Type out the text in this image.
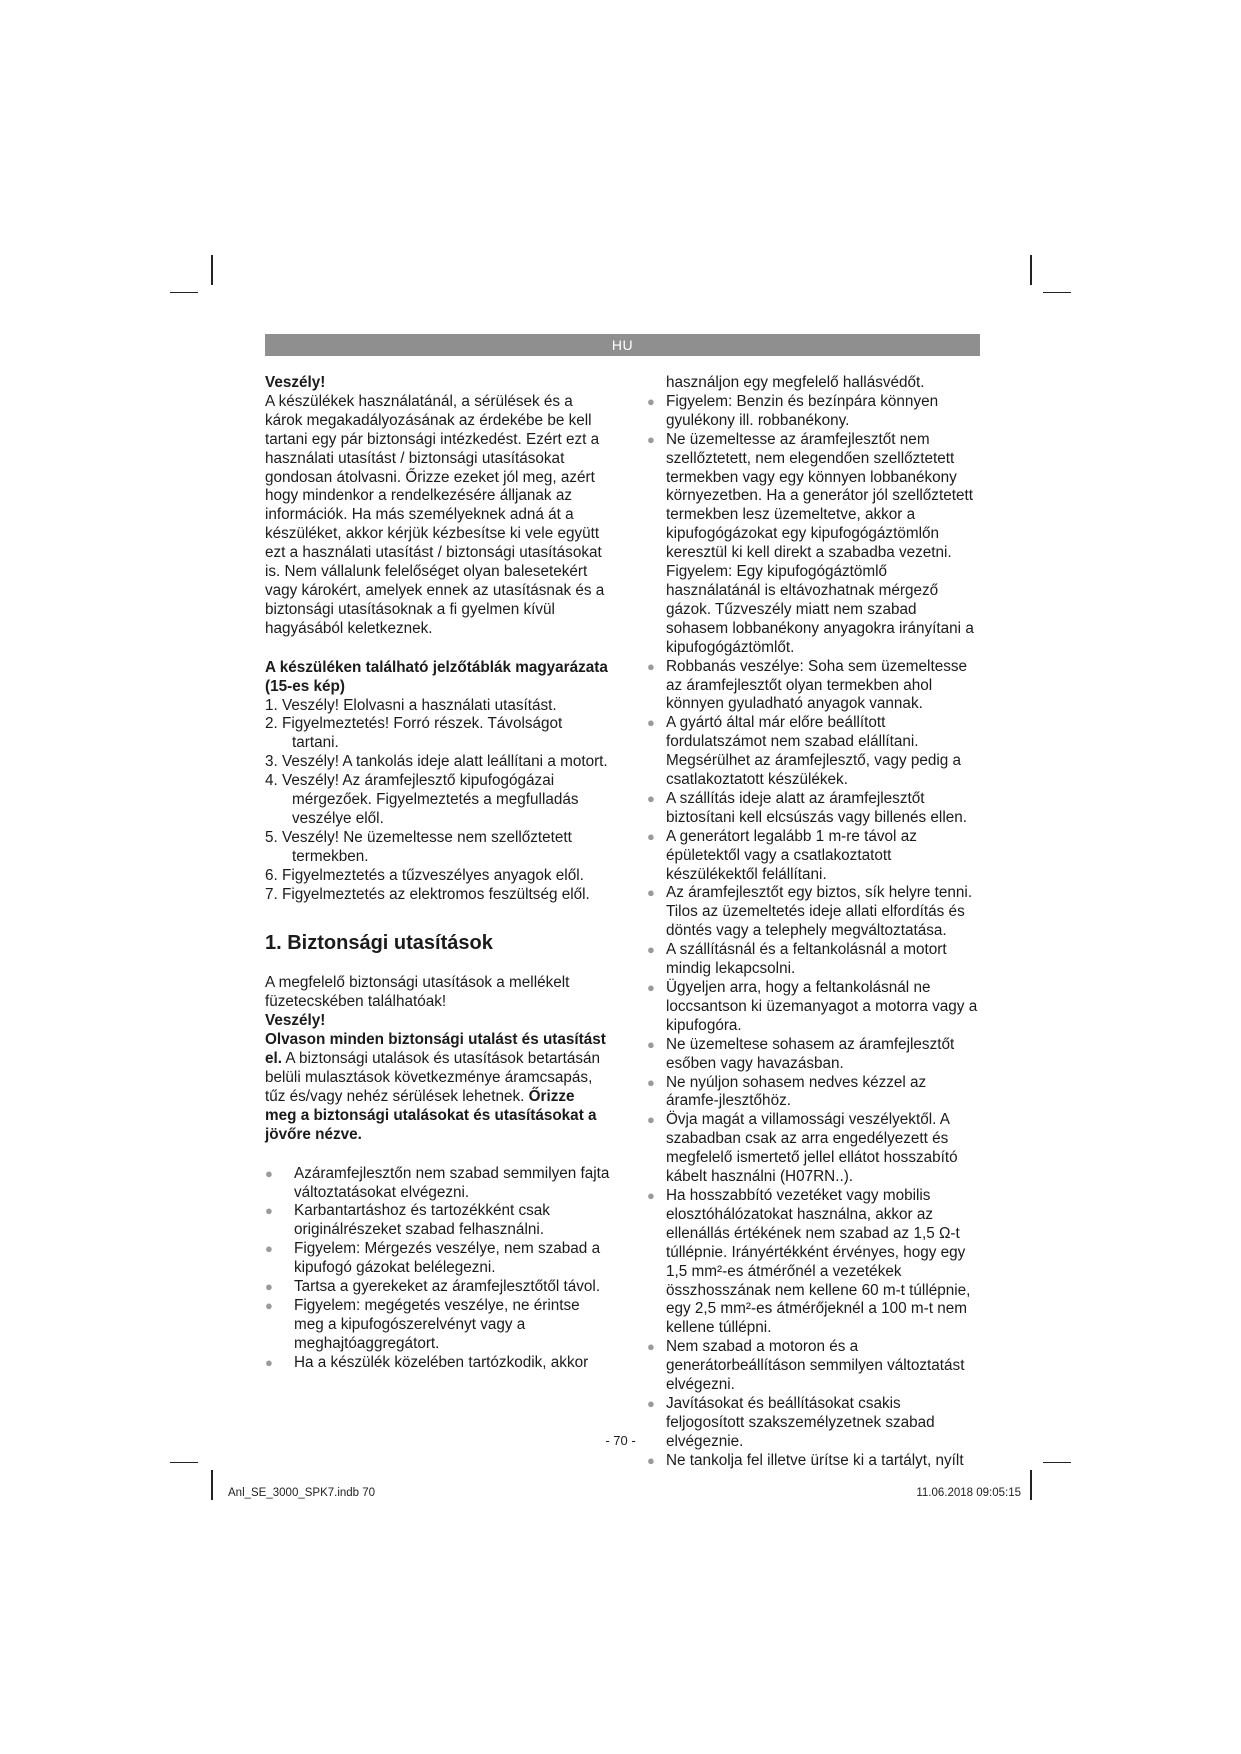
HU

Veszély!

A készülékek használatánál, a sérülések és a károk megakadályozásának az érdekébe be kell tartani egy pár biztonsági intézkedést. Ezért ezt a használati utasítást / biztonsági utasításokat gondosan átolvasni. Őrizze ezeket jól meg, azért hogy mindenkor a rendelkezésére álljanak az információk. Ha más személyeknek adná át a készüléket, akkor kérjük kézbesítse ki vele együtt ezt a használati utasítást / biztonsági utasításokat is. Nem vállalunk felelőséget olyan balesetekért vagy károkért, amelyek ennek az utasításnak és a biztonsági utasításoknak a fi gyelmen kívül hagyásából keletkeznek.

A készüléken található jelzőtáblák magyarázata (15-es kép)

1. Veszély! Elolvasni a használati utasítást.
2. Figyelmeztetés! Forró részek. Távolságot tartani.
3. Veszély! A tankolás ideje alatt leállítani a motort.
4. Veszély! Az áramfejlesztő kipufogógázai mérgezőek. Figyelmeztetés a megfulladás veszélye elől.
5. Veszély! Ne üzemeltesse nem szellőztetett termekben.
6. Figyelmeztetés a tűzveszélyes anyagok elől.
7. Figyelmeztetés az elektromos feszültség elől.
1. Biztonsági utasítások

A megfelelő biztonsági utasítások a mellékelt füzetecskében találhatóak!

Veszély!

Olvason minden biztonsági utalást és utasítást el. A biztonsági utalások és utasítások betartásán belüli mulasztások következménye áramcsapás, tűz és/vagy nehéz sérülések lehetnek. Őrizze meg a biztonsági utalásokat és utasításokat a jövőre nézve.

● Azáramfejlesztőn nem szabad semmilyen fajta változtatásokat elvégezni.
● Karbantartáshoz és tartozékként csak originálrészeket szabad felhasználni.
● Figyelem: Mérgezés veszélye, nem szabad a kipufogó gázokat belélegezni.
● Tartsa a gyerekeket az áramfejlesztőtől távol.
● Figyelem: megégetés veszélye, ne érintse meg a kipufogószerelvényt vagy a meghajtóaggregátort.
● Ha a készülék közelében tartózkodik, akkor

használjon egy megfelelő hallásvédőt.

● Figyelem: Benzin és bezínpára könnyen gyulékony ill. robbanékony.
● Ne üzemeltesse az áramfejlesztőt nem szellőztetett, nem elegendően szellőztetett termekben vagy egy könnyen lobbanékony környezetben. Ha a generátor jól szellőztetett termekben lesz üzemeltetve, akkor a kipufogógázokat egy kipufogógáztömlőn keresztül ki kell direkt a szabadba vezetni. Figyelem: Egy kipufogógáztömlő használatánál is eltávozhatnak mérgező gázok. Tűzveszély miatt nem szabad sohasem lobbanékony anyagokra irányítani a kipufogógáztömlőt.
● Robbanás veszélye: Soha sem üzemeltesse az áramfejlesztőt olyan termekben ahol könnyen gyuladható anyagok vannak.
● A gyártó által már előre beállított fordulatszámot nem szabad elállítani. Megsérülhet az áramfejlesztő, vagy pedig a csatlakoztatott készülékek.
● A szállítás ideje alatt az áramfejlesztőt biztosítani kell elcsúszás vagy billenés ellen.
● A generátort legalább 1 m-re távol az épületektől vagy a csatlakoztatott készülékektől felállítani.
● Az áramfejlesztőt egy biztos, sík helyre tenni. Tilos az üzemeltetés ideje allati elfordítás és döntés vagy a telephely megváltoztatása.
● A szállításnál és a feltankolásnál a motort mindig lekapcsolni.
● Ügyeljen arra, hogy a feltankolásnál ne loccsantson ki üzemanyagot a motorra vagy a kipufogóra.
● Ne üzemeltese sohasem az áramfejlesztőt esőben vagy havazásban.
● Ne nyúljon sohasem nedves kézzel az áramfe-jlesztőhöz.
● Övja magát a villamossági veszélyektől. A szabadban csak az arra engedélyezett és megfelelő ismertető jellel ellátot hosszabító kábelt használni (H07RN..).
● Ha hosszabbító vezetéket vagy mobilis elosztóhálózatokat használna, akkor az ellenállás értékének nem szabad az 1,5 Ω-t túllépnie. Irányértékként érvényes, hogy egy 1,5 mm²-es átmérőnél a vezetékek összhosszának nem kellene 60 m-t túllépnie, egy 2,5 mm²-es átmérőjeknél a 100 m-t nem kellene túllépni.
● Nem szabad a motoron és a generátorbeállításon semmilyen változtatást elvégezni.
● Javításokat és beállításokat csakis feljogosított szakszemélyzetnek szabad elvégeznie.
● Ne tankolja fel illetve ürítse ki a tartályt, nyílt
- 70 -
Anl_SE_3000_SPK7.indb 70	11.06.2018 09:05:15
